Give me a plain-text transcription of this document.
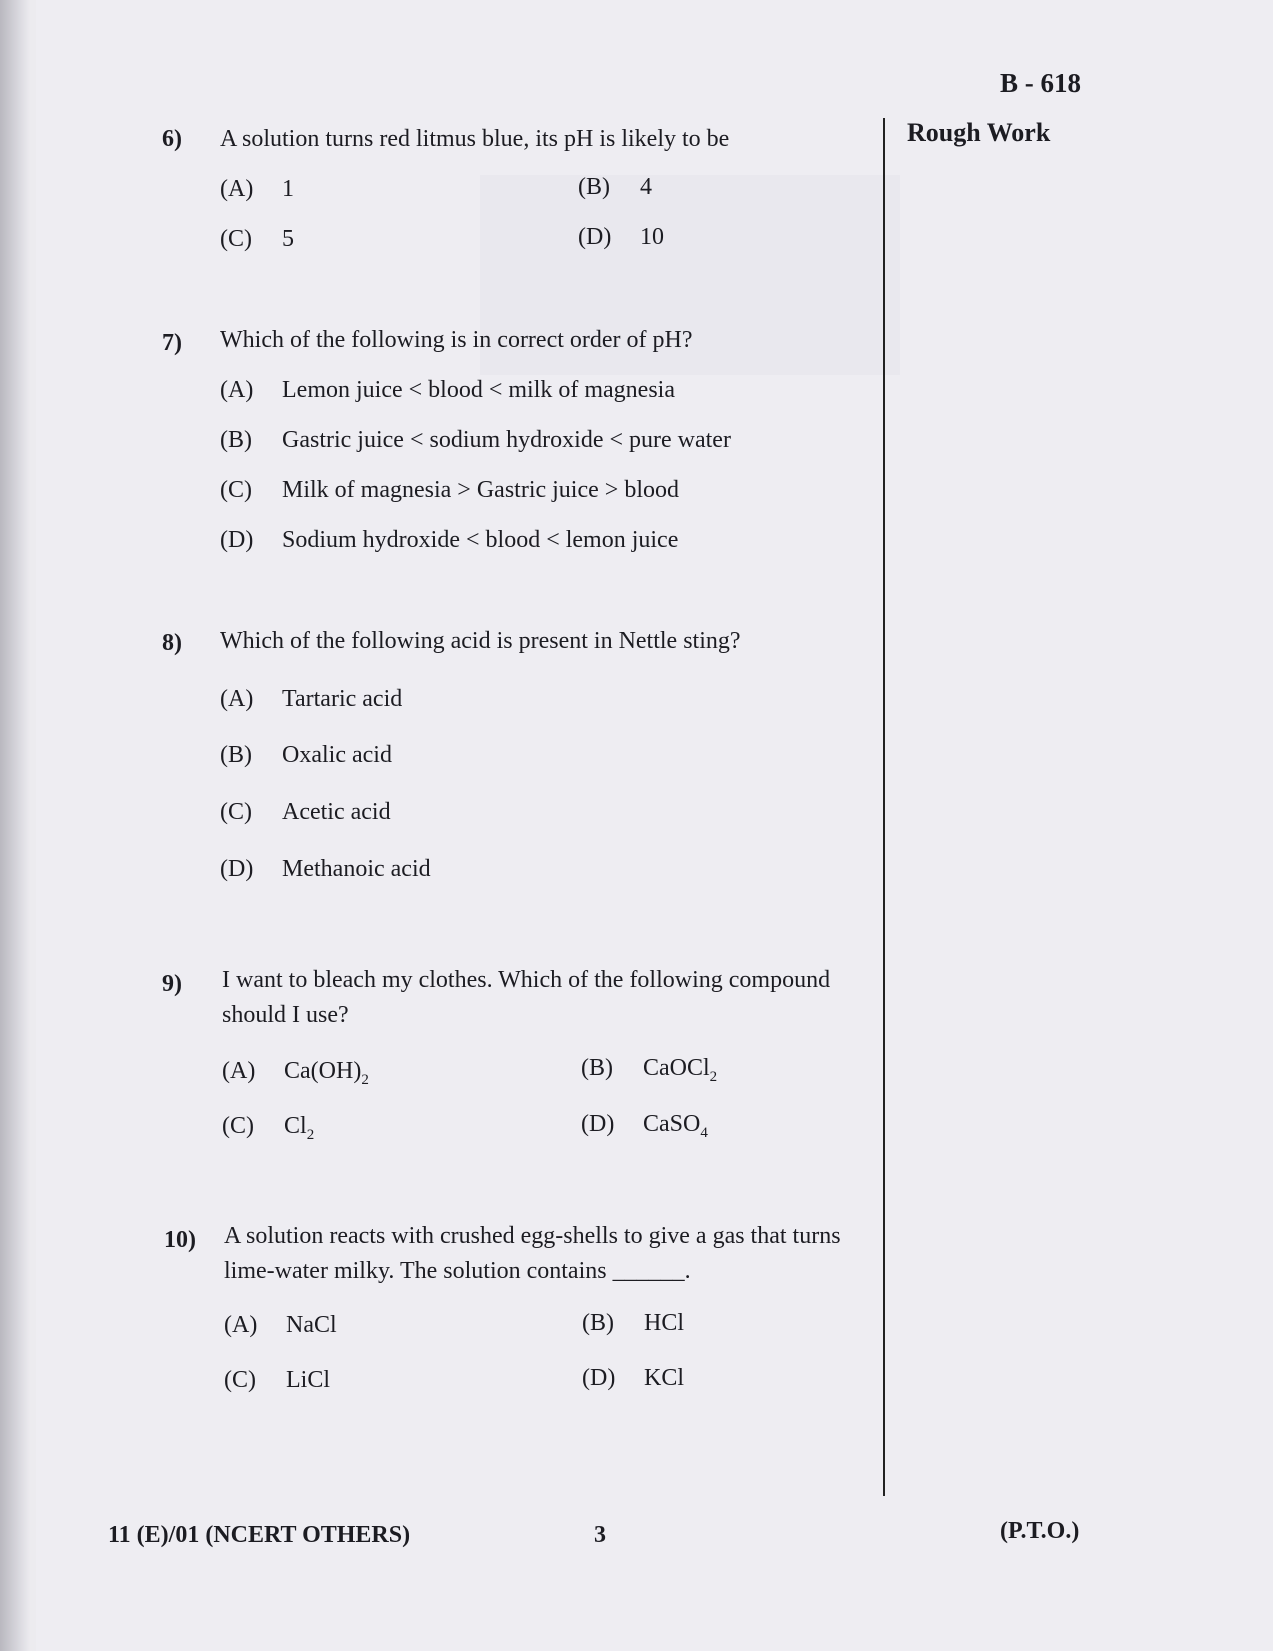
B - 618
Rough Work
6) A solution turns red litmus blue, its pH is likely to be
(A) 1	(B) 4
(C) 5	(D) 10
7) Which of the following is in correct order of pH?
(A) Lemon juice < blood < milk of magnesia
(B) Gastric juice < sodium hydroxide < pure water
(C) Milk of magnesia > Gastric juice > blood
(D) Sodium hydroxide < blood < lemon juice
8) Which of the following acid is present in Nettle sting?
(A) Tartaric acid
(B) Oxalic acid
(C) Acetic acid
(D) Methanoic acid
9) I want to bleach my clothes. Which of the following compound should I use?
(A) $Ca(OH)_2$	(B) CaOCl$_2$
(C) $Cl_2$	(D) CaSO$_4$
10) A solution reacts with crushed egg-shells to give a gas that turns lime-water milky. The solution contains ______.
(A) NaCl	(B) HCl
(C) LiCl	(D) KCl
11 (E)/01 (NCERT OTHERS)	3	(P.T.O.)
